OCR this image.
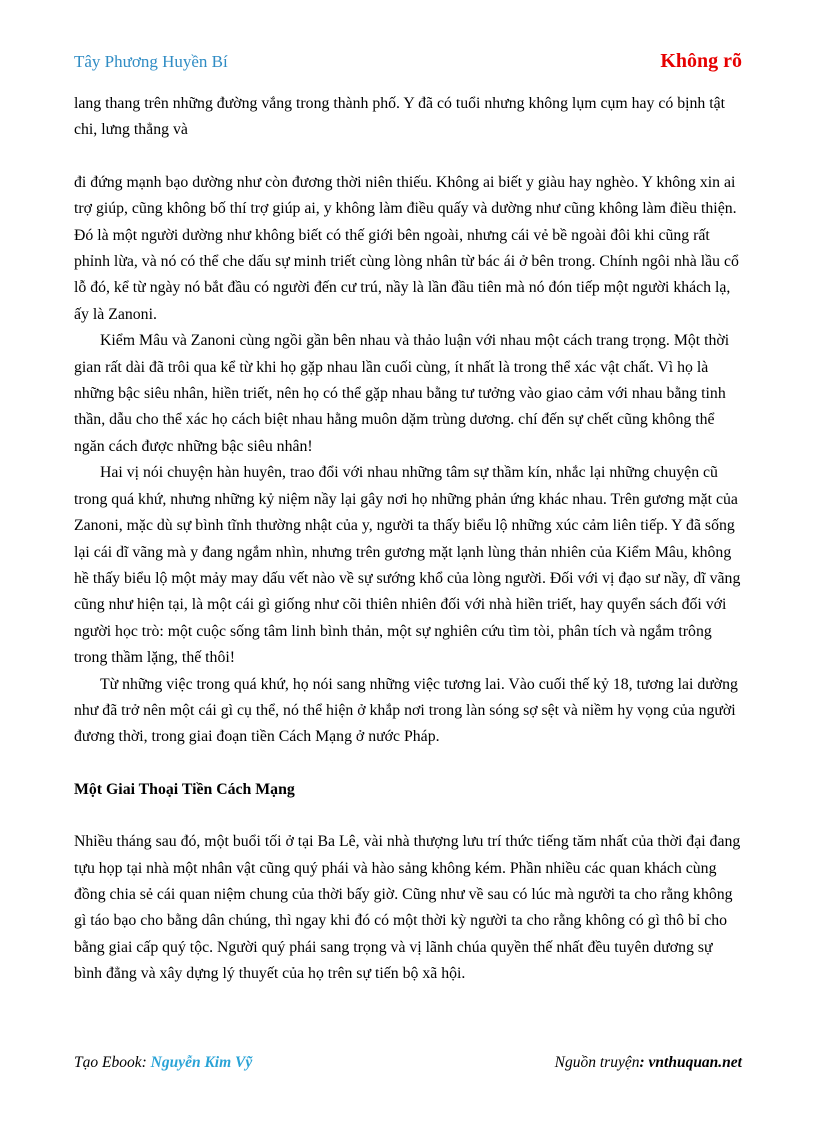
Tây Phương Huyền Bí	Không rõ

lang thang trên những đường vắng trong thành phố. Y đã có tuổi nhưng không lụm cụm hay có bịnh tật chi, lưng thẳng và

đi đứng mạnh bạo dường như còn đương thời niên thiếu. Không ai biết y giàu hay nghèo. Y không xin ai trợ giúp, cũng không bố thí trợ giúp ai, y không làm điều quấy và dường như cũng không làm điều thiện. Đó là một người dường như không biết có thế giới bên ngoài, nhưng cái vẻ bề ngoài đôi khi cũng rất phỉnh lừa, và nó có thể che dấu sự minh triết cùng lòng nhân từ bác ái ở bên trong. Chính ngôi nhà lầu cổ lỗ đó, kể từ ngày nó bắt đầu có người đến cư trú, nầy là lần đầu tiên mà nó đón tiếp một người khách lạ, ấy là Zanoni.

Kiểm Mâu và Zanoni cùng ngồi gần bên nhau và thảo luận với nhau một cách trang trọng. Một thời gian rất dài đã trôi qua kể từ khi họ gặp nhau lần cuối cùng, ít nhất là trong thể xác vật chất. Vì họ là những bậc siêu nhân, hiền triết, nên họ có thể gặp nhau bằng tư tưởng vào giao cảm với nhau bằng tinh thần, dẫu cho thể xác họ cách biệt nhau hằng muôn dặm trùng dương. chí đến sự chết cũng không thể ngăn cách được những bậc siêu nhân!

Hai vị nói chuyện hàn huyên, trao đổi với nhau những tâm sự thầm kín, nhắc lại những chuyện cũ trong quá khứ, nhưng những kỷ niệm nầy lại gây nơi họ những phản ứng khác nhau. Trên gương mặt của Zanoni, mặc dù sự bình tĩnh thường nhật của y, người ta thấy biểu lộ những xúc cảm liên tiếp. Y đã sống lại cái dĩ vãng mà y đang ngắm nhìn, nhưng trên gương mặt lạnh lùng thản nhiên của Kiểm Mâu, không hề thấy biểu lộ một mảy may dấu vết nào về sự sướng khổ của lòng người. Đối với vị đạo sư nầy, dĩ vãng cũng như hiện tại, là một cái gì giống như cõi thiên nhiên đối với nhà hiền triết, hay quyển sách đối với người học trò: một cuộc sống tâm linh bình thản, một sự nghiên cứu tìm tòi, phân tích và ngắm trông trong thầm lặng, thế thôi!

Từ những việc trong quá khứ, họ nói sang những việc tương lai. Vào cuối thế kỷ 18, tương lai dường như đã trở nên một cái gì cụ thể, nó thể hiện ở khắp nơi trong làn sóng sợ sệt và niềm hy vọng của người đương thời, trong giai đoạn tiền Cách Mạng ở nước Pháp.

Một Giai Thoại Tiền Cách Mạng

Nhiều tháng sau đó, một buổi tối ở tại Ba Lê, vài nhà thượng lưu trí thức tiếng tăm nhất của thời đại đang tựu họp tại nhà một nhân vật cũng quý phái và hào sảng không kém. Phần nhiều các quan khách cùng đồng chia sẻ cái quan niệm chung của thời bấy giờ. Cũng như về sau có lúc mà người ta cho rằng không gì táo bạo cho bằng dân chúng, thì ngay khi đó có một thời kỳ người ta cho rằng không có gì thô bỉ cho bằng giai cấp quý tộc. Người quý phái sang trọng và vị lãnh chúa quyền thế nhất đều tuyên dương sự bình đẳng và xây dựng lý thuyết của họ trên sự tiến bộ xã hội.

Tạo Ebook: Nguyễn Kim Vỹ	Nguồn truyện: vnthuquan.net
